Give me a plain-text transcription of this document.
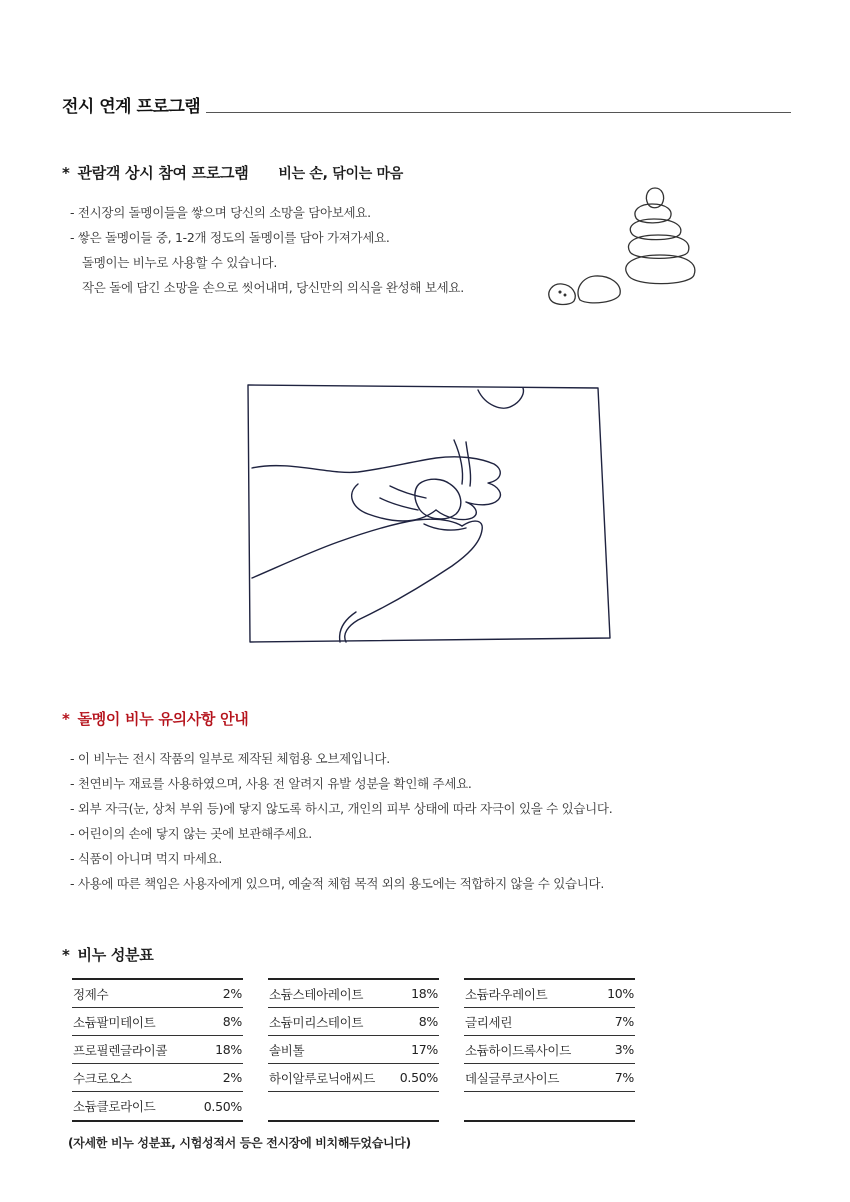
전시 연계 프로그램
* 관람객 상시 참여 프로그램 비는 손, 닦이는 마음
- 전시장의 돌멩이들을 쌓으며 당신의 소망을 담아보세요.
- 쌓은 돌멩이들 중, 1-2개 정도의 돌멩이를 담아 가져가세요.
돌멩이는 비누로 사용할 수 있습니다.
작은 돌에 담긴 소망을 손으로 씻어내며, 당신만의 의식을 완성해 보세요.
* 돌멩이 비누 유의사항 안내
- 이 비누는 전시 작품의 일부로 제작된 체험용 오브제입니다.
- 천연비누 재료를 사용하였으며, 사용 전 알려지 유발 성분을 확인해 주세요.
- 외부 자극(눈, 상처 부위 등)에 닿지 않도록 하시고, 개인의 피부 상태에 따라 자극이 있을 수 있습니다.
- 어린이의 손에 닿지 않는 곳에 보관해주세요.
- 식품이 아니며 먹지 마세요.
- 사용에 따른 책임은 사용자에게 있으며, 예술적 체험 목적 외의 용도에는 적합하지 않을 수 있습니다.
* 비누 성분표
정제수	2%
소듐팔미테이트	8%
프로필렌글라이콜	18%
수크로오스	2%
소듐클로라이드	0.50%
소듐스테아레이트	18%
소듐미리스테이트	8%
솔비톨	17%
하이알루로닉애씨드 0.50%
소듐라우레이트	10%
글리세린	7%
소듐하이드록사이드	3%
데실글루코사이드	7%
(자세한 비누 성분표, 시험성적서 등은 전시장에 비치해두었습니다)
